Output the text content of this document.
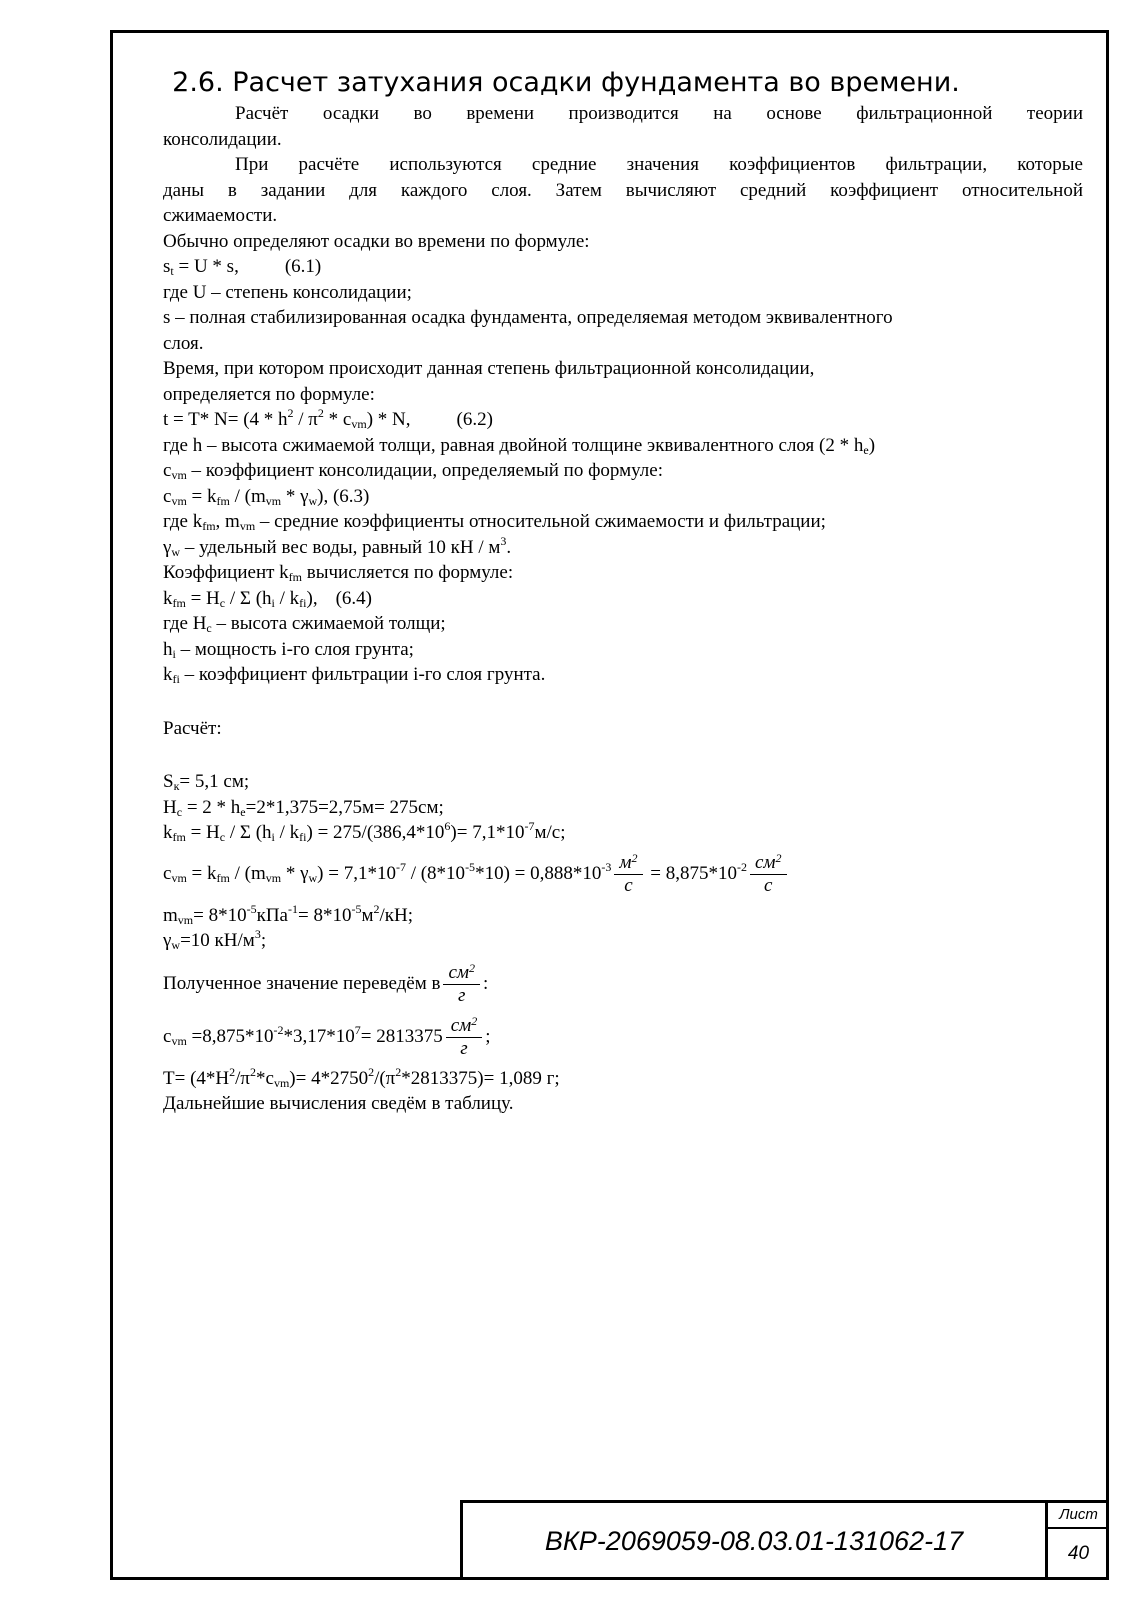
2.6. Расчет затухания осадки фундамента во времени.

Расчёт осадки во времени производится на основе фильтрационной теории

консолидации.

При расчёте используются средние значения коэффициентов фильтрации, которые

даны в задании для каждого слоя. Затем вычисляют средний коэффициент относительной

сжимаемости.

Обычно определяют осадки во времени по формуле:

$s_t = U * s$, (6.1)

где U – степень консолидации;

s – полная стабилизированная осадка фундамента, определяемая методом эквивалентного

слоя.

Время, при котором происходит данная степень фильтрационной консолидации,

определяется по формуле:

t = T* $N= (4 * h^2 / \pi^2 * c_{vm}) * N$, (6.2)

где h – высота сжимаемой толщи, равная двойной толщине эквивалентного слоя $(2 * h_e)$

$c_{vm}$ – коэффициент консолидации, определяемый по формуле:

$c_{vm} = k_{fm} / (m_{vm} * \gamma_w)$, (6.3)

где $k_{fm}$, $m_{vm}$ – средние коэффициенты относительной сжимаемости и фильтрации;

$\gamma_w$ – удельный вес воды, равный 10 кН / $м^3$.

Коэффициент $k_{fm}$ вычисляется по формуле:

$k_{fm} = H_c / \Sigma$ $(h_i / k_{fi})$, (6.4)

где $H_c$ – высота сжимаемой толщи;

$h_i$ – мощность i-го слоя грунта;

$k_{fi}$ – коэффициент фильтрации i-го слоя грунта.

Расчёт:

$S_к= 5,1$ см;

$H_c = 2 * h_e=2*1,375=2,75м= 275см$;

$k_{fm} = H_c / \Sigma$ $(h_i / k_{fi}) = 275/(386,4*10^6)= 7,1*10^{-7}м/с$;

$c_{vm} = k_{fm} / (m_{vm} * \gamma_w) = 7,1*10^{-7} / (8*10^{-5}*10) = 0,888*10^{-3}$ $м^2$
с
= $8,875*10^{-2}$ $см^2$
с

$m_{vm}= 8*10^{-5}кПа^{-1}= 8*10^{-5}м^2/кН$;

$\gamma_w=10$ $кН/м^3$;

Полученное значение переведём в
$см^2$
г
:

$c_{vm} =8,875*10^{-2}*3,17*10^7= 2813375$
$см^2$
г
;

$T= (4*H^2/\pi^2*c_{vm})= 4*2750^2/(\pi^2*2813375)= 1,089$ г;

Дальнейшие вычисления сведём в таблицу.

ВКР-2069059-08.03.01-131062-17
Лист
40
